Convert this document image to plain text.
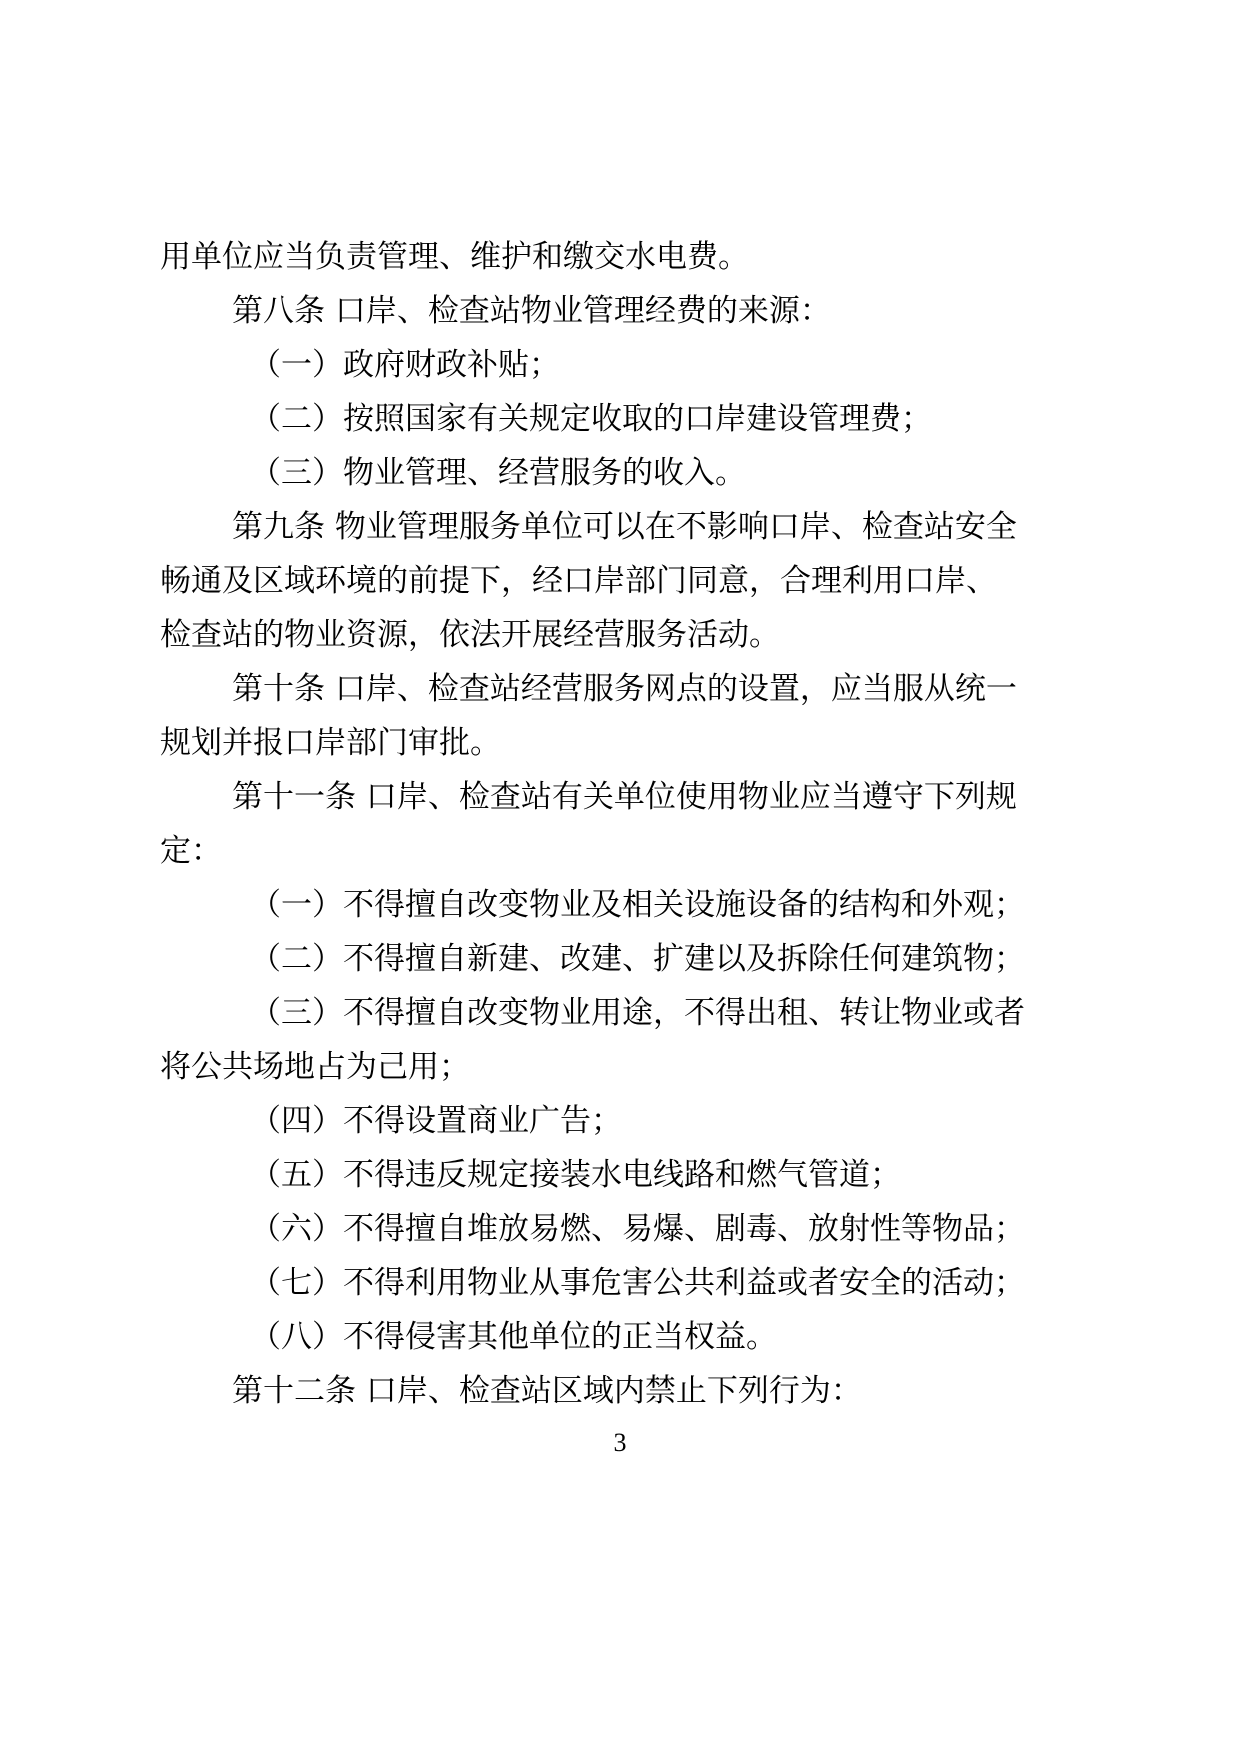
用单位应当负责管理、维护和缴交水电费。
第八条 口岸、检查站物业管理经费的来源：
（一）政府财政补贴；
（二）按照国家有关规定收取的口岸建设管理费；
（三）物业管理、经营服务的收入。
第九条 物业管理服务单位可以在不影响口岸、检查站安全
畅通及区域环境的前提下，经口岸部门同意，合理利用口岸、
检查站的物业资源，依法开展经营服务活动。
第十条 口岸、检查站经营服务网点的设置，应当服从统一
规划并报口岸部门审批。
第十一条 口岸、检查站有关单位使用物业应当遵守下列规
定：
（一）不得擅自改变物业及相关设施设备的结构和外观；
（二）不得擅自新建、改建、扩建以及拆除任何建筑物；
（三）不得擅自改变物业用途，不得出租、转让物业或者
将公共场地占为己用；
（四）不得设置商业广告；
（五）不得违反规定接装水电线路和燃气管道；
（六）不得擅自堆放易燃、易爆、剧毒、放射性等物品；
（七）不得利用物业从事危害公共利益或者安全的活动；
（八）不得侵害其他单位的正当权益。
第十二条 口岸、检查站区域内禁止下列行为：
3
